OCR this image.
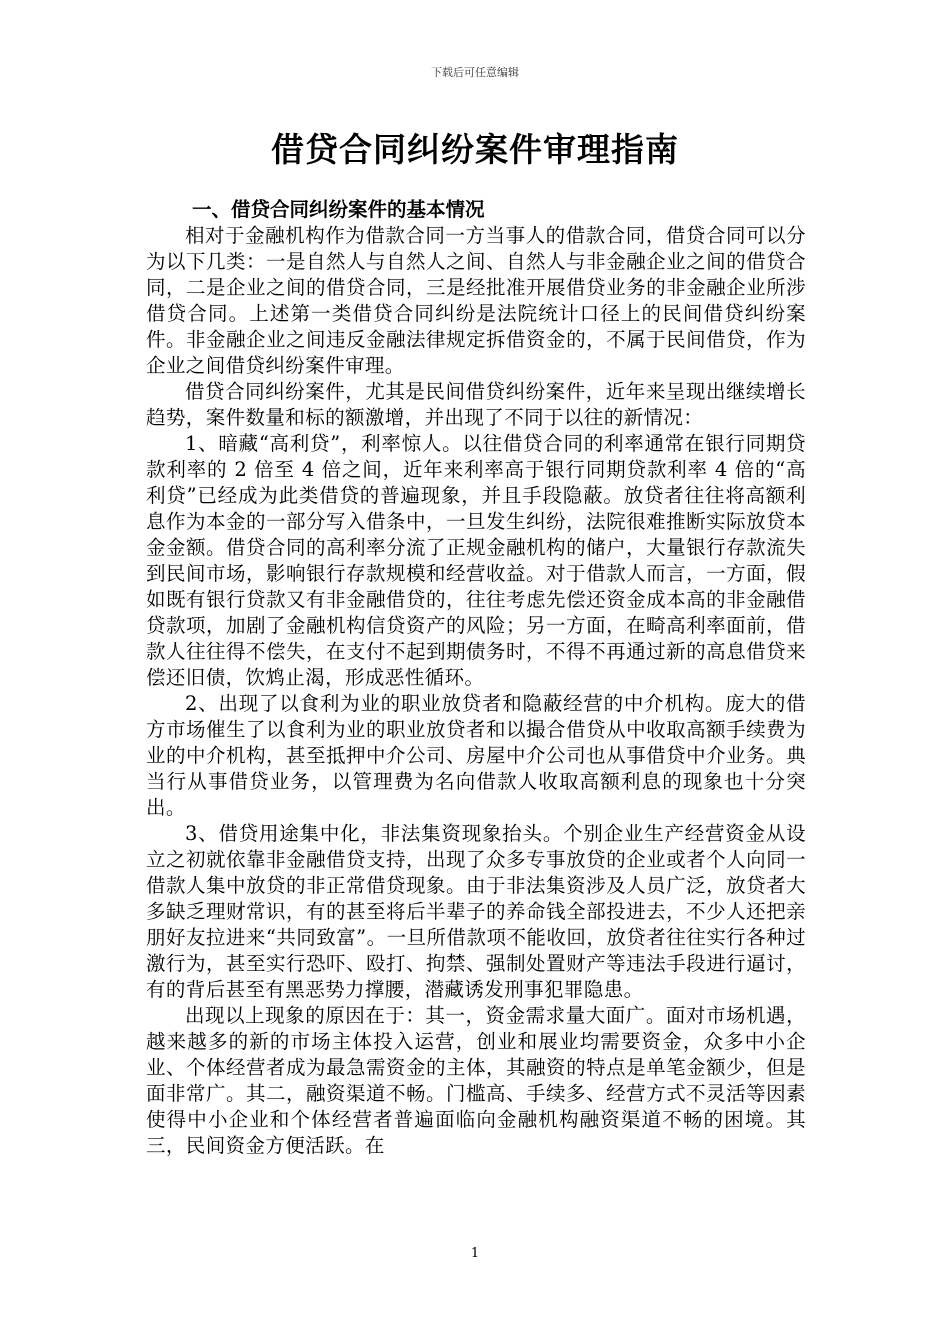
下载后可任意编辑
借贷合同纠纷案件审理指南
一、借贷合同纠纷案件的基本情况

相对于金融机构作为借款合同一方当事人的借款合同，借贷合同可以分为以下几类：一是自然人与自然人之间、自然人与非金融企业之间的借贷合同，二是企业之间的借贷合同，三是经批准开展借贷业务的非金融企业所涉借贷合同。上述第一类借贷合同纠纷是法院统计口径上的民间借贷纠纷案件。非金融企业之间违反金融法律规定拆借资金的，不属于民间借贷，作为企业之间借贷纠纷案件审理。

借贷合同纠纷案件，尤其是民间借贷纠纷案件，近年来呈现出继续增长趋势，案件数量和标的额激增，并出现了不同于以往的新情况：

1、暗藏“高利贷”，利率惊人。以往借贷合同的利率通常在银行同期贷款利率的 2 倍至 4 倍之间，近年来利率高于银行同期贷款利率 4 倍的“高利贷”已经成为此类借贷的普遍现象，并且手段隐蔽。放贷者往往将高额利息作为本金的一部分写入借条中，一旦发生纠纷，法院很难推断实际放贷本金金额。借贷合同的高利率分流了正规金融机构的储户，大量银行存款流失到民间市场，影响银行存款规模和经营收益。对于借款人而言，一方面，假如既有银行贷款又有非金融借贷的，往往考虑先偿还资金成本高的非金融借贷款项，加剧了金融机构信贷资产的风险；另一方面，在畸高利率面前，借款人往往得不偿失，在支付不起到期债务时，不得不再通过新的高息借贷来偿还旧债，饮鸩止渴，形成恶性循环。

2、出现了以食利为业的职业放贷者和隐蔽经营的中介机构。庞大的借方市场催生了以食利为业的职业放贷者和以撮合借贷从中收取高额手续费为业的中介机构，甚至抵押中介公司、房屋中介公司也从事借贷中介业务。典当行从事借贷业务，以管理费为名向借款人收取高额利息的现象也十分突出。

3、借贷用途集中化，非法集资现象抬头。个别企业生产经营资金从设立之初就依靠非金融借贷支持，出现了众多专事放贷的企业或者个人向同一借款人集中放贷的非正常借贷现象。由于非法集资涉及人员广泛，放贷者大多缺乏理财常识，有的甚至将后半辈子的养命钱全部投进去，不少人还把亲朋好友拉进来“共同致富”。一旦所借款项不能收回，放贷者往往实行各种过激行为，甚至实行恐吓、殴打、拘禁、强制处置财产等违法手段进行逼讨，有的背后甚至有黑恶势力撑腰，潜藏诱发刑事犯罪隐患。

出现以上现象的原因在于：其一，资金需求量大面广。面对市场机遇，越来越多的新的市场主体投入运营，创业和展业均需要资金，众多中小企业、个体经营者成为最急需资金的主体，其融资的特点是单笔金额少，但是面非常广。其二，融资渠道不畅。门槛高、手续多、经营方式不灵活等因素使得中小企业和个体经营者普遍面临向金融机构融资渠道不畅的困境。其三，民间资金方便活跃。在

1
